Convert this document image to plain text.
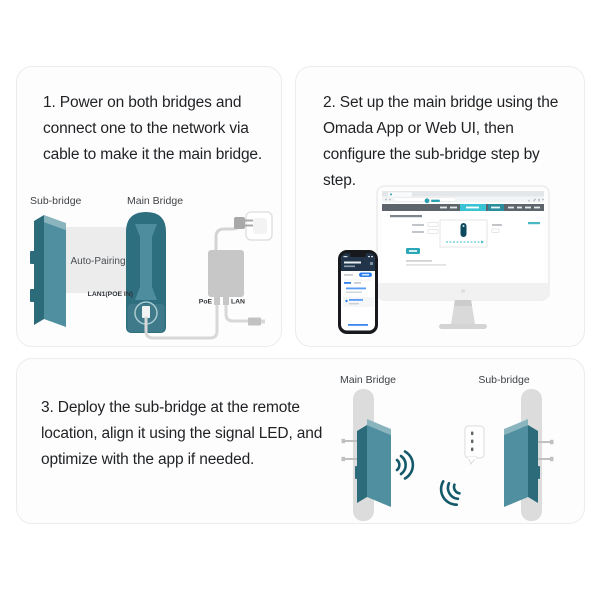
1. Power on both bridges and connect one to the network via cable to make it the main bridge.

Sub-bridge	Main Bridge
Auto-Pairing
LAN1(POE IN)
PoE	LAN

2. Set up the main bridge using the Omada App or Web UI, then configure the sub-bridge step by step.

3. Deploy the sub-bridge at the remote location, align it using the signal LED, and optimize with the app if needed.

Main Bridge	Sub-bridge
